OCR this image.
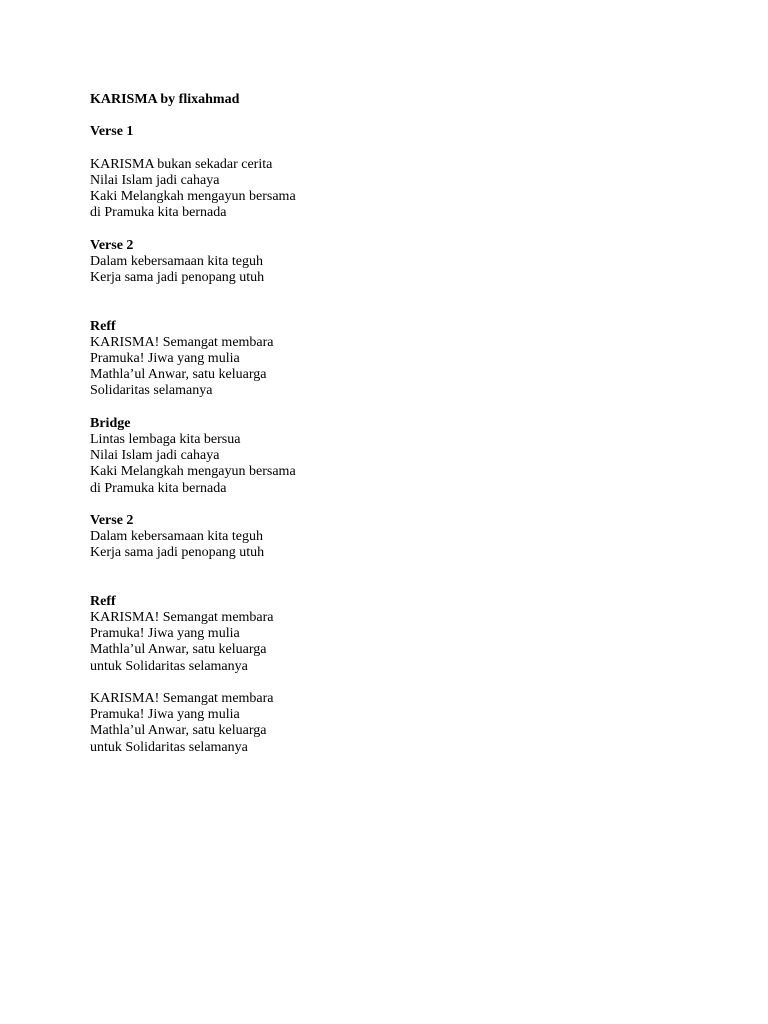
KARISMA by flixahmad
Verse 1
KARISMA bukan sekadar cerita
Nilai Islam jadi cahaya
Kaki Melangkah mengayun bersama
di Pramuka kita bernada
Verse 2
Dalam kebersamaan kita teguh
Kerja sama jadi penopang utuh
Reff
KARISMA! Semangat membara
Pramuka! Jiwa yang mulia
Mathla’ul Anwar, satu keluarga
Solidaritas selamanya
Bridge
Lintas lembaga kita bersua
Nilai Islam jadi cahaya
Kaki Melangkah mengayun bersama
di Pramuka kita bernada
Verse 2
Dalam kebersamaan kita teguh
Kerja sama jadi penopang utuh
Reff
KARISMA! Semangat membara
Pramuka! Jiwa yang mulia
Mathla’ul Anwar, satu keluarga
untuk Solidaritas selamanya
KARISMA! Semangat membara
Pramuka! Jiwa yang mulia
Mathla’ul Anwar, satu keluarga
untuk Solidaritas selamanya
